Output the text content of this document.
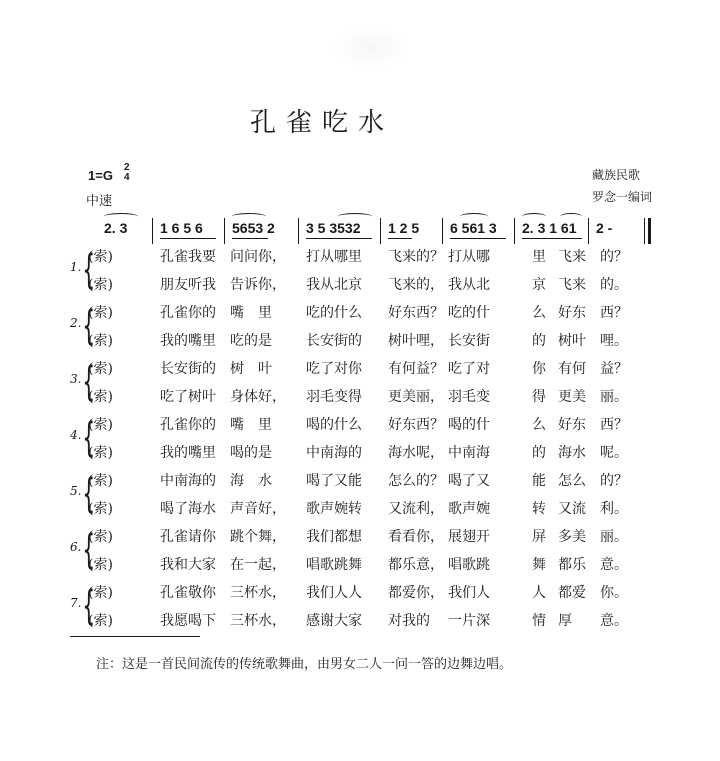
孔雀吃水
1=G
2
4
中速
藏族民歌
罗念一编词
2. 3 1 6 5 6 5653 2 3 5 3532 1 2 5 6 561 3 2. 3 1 61 2 -
(索)	孔雀我要 问问你， 打从哪里 飞来的？ 打从哪	里 飞来 的？
(索)	朋友听我 告诉你， 我从北京 飞来的， 我从北	京 飞来 的。
1. {
(索)	孔雀你的 嘴　里 吃的什么 好东西？ 吃的什	么 好东 西？
(索)	我的嘴里 吃的是 长安街的 树叶哩， 长安街	的 树叶 哩。
2. {
(索)	长安街的 树　叶 吃了对你 有何益？ 吃了对	你 有何 益？
(索)	吃了树叶 身体好， 羽毛变得 更美丽， 羽毛变	得 更美 丽。
3. {
(索)	孔雀你的 嘴　里 喝的什么 好东西？ 喝的什	么 好东 西？
(索)	我的嘴里 喝的是 中南海的 海水呢， 中南海	的 海水 呢。
4. {
(索)	中南海的 海　水 喝了又能 怎么的？ 喝了又	能 怎么 的？
(索)	喝了海水 声音好， 歌声婉转 又流利， 歌声婉	转 又流 利。
5. {
(索)	孔雀请你 跳个舞， 我们都想 看看你， 展翅开	屏 多美 丽。
(索)	我和大家 在一起， 唱歌跳舞 都乐意， 唱歌跳	舞 都乐 意。
6. {
(索)	孔雀敬你 三杯水， 我们人人 都爱你， 我们人	人 都爱 你。
(索)	我愿喝下 三杯水， 感谢大家 对我的 一片深	情 厚 意。
7. {
注：这是一首民间流传的传统歌舞曲，由男女二人一问一答的边舞边唱。
